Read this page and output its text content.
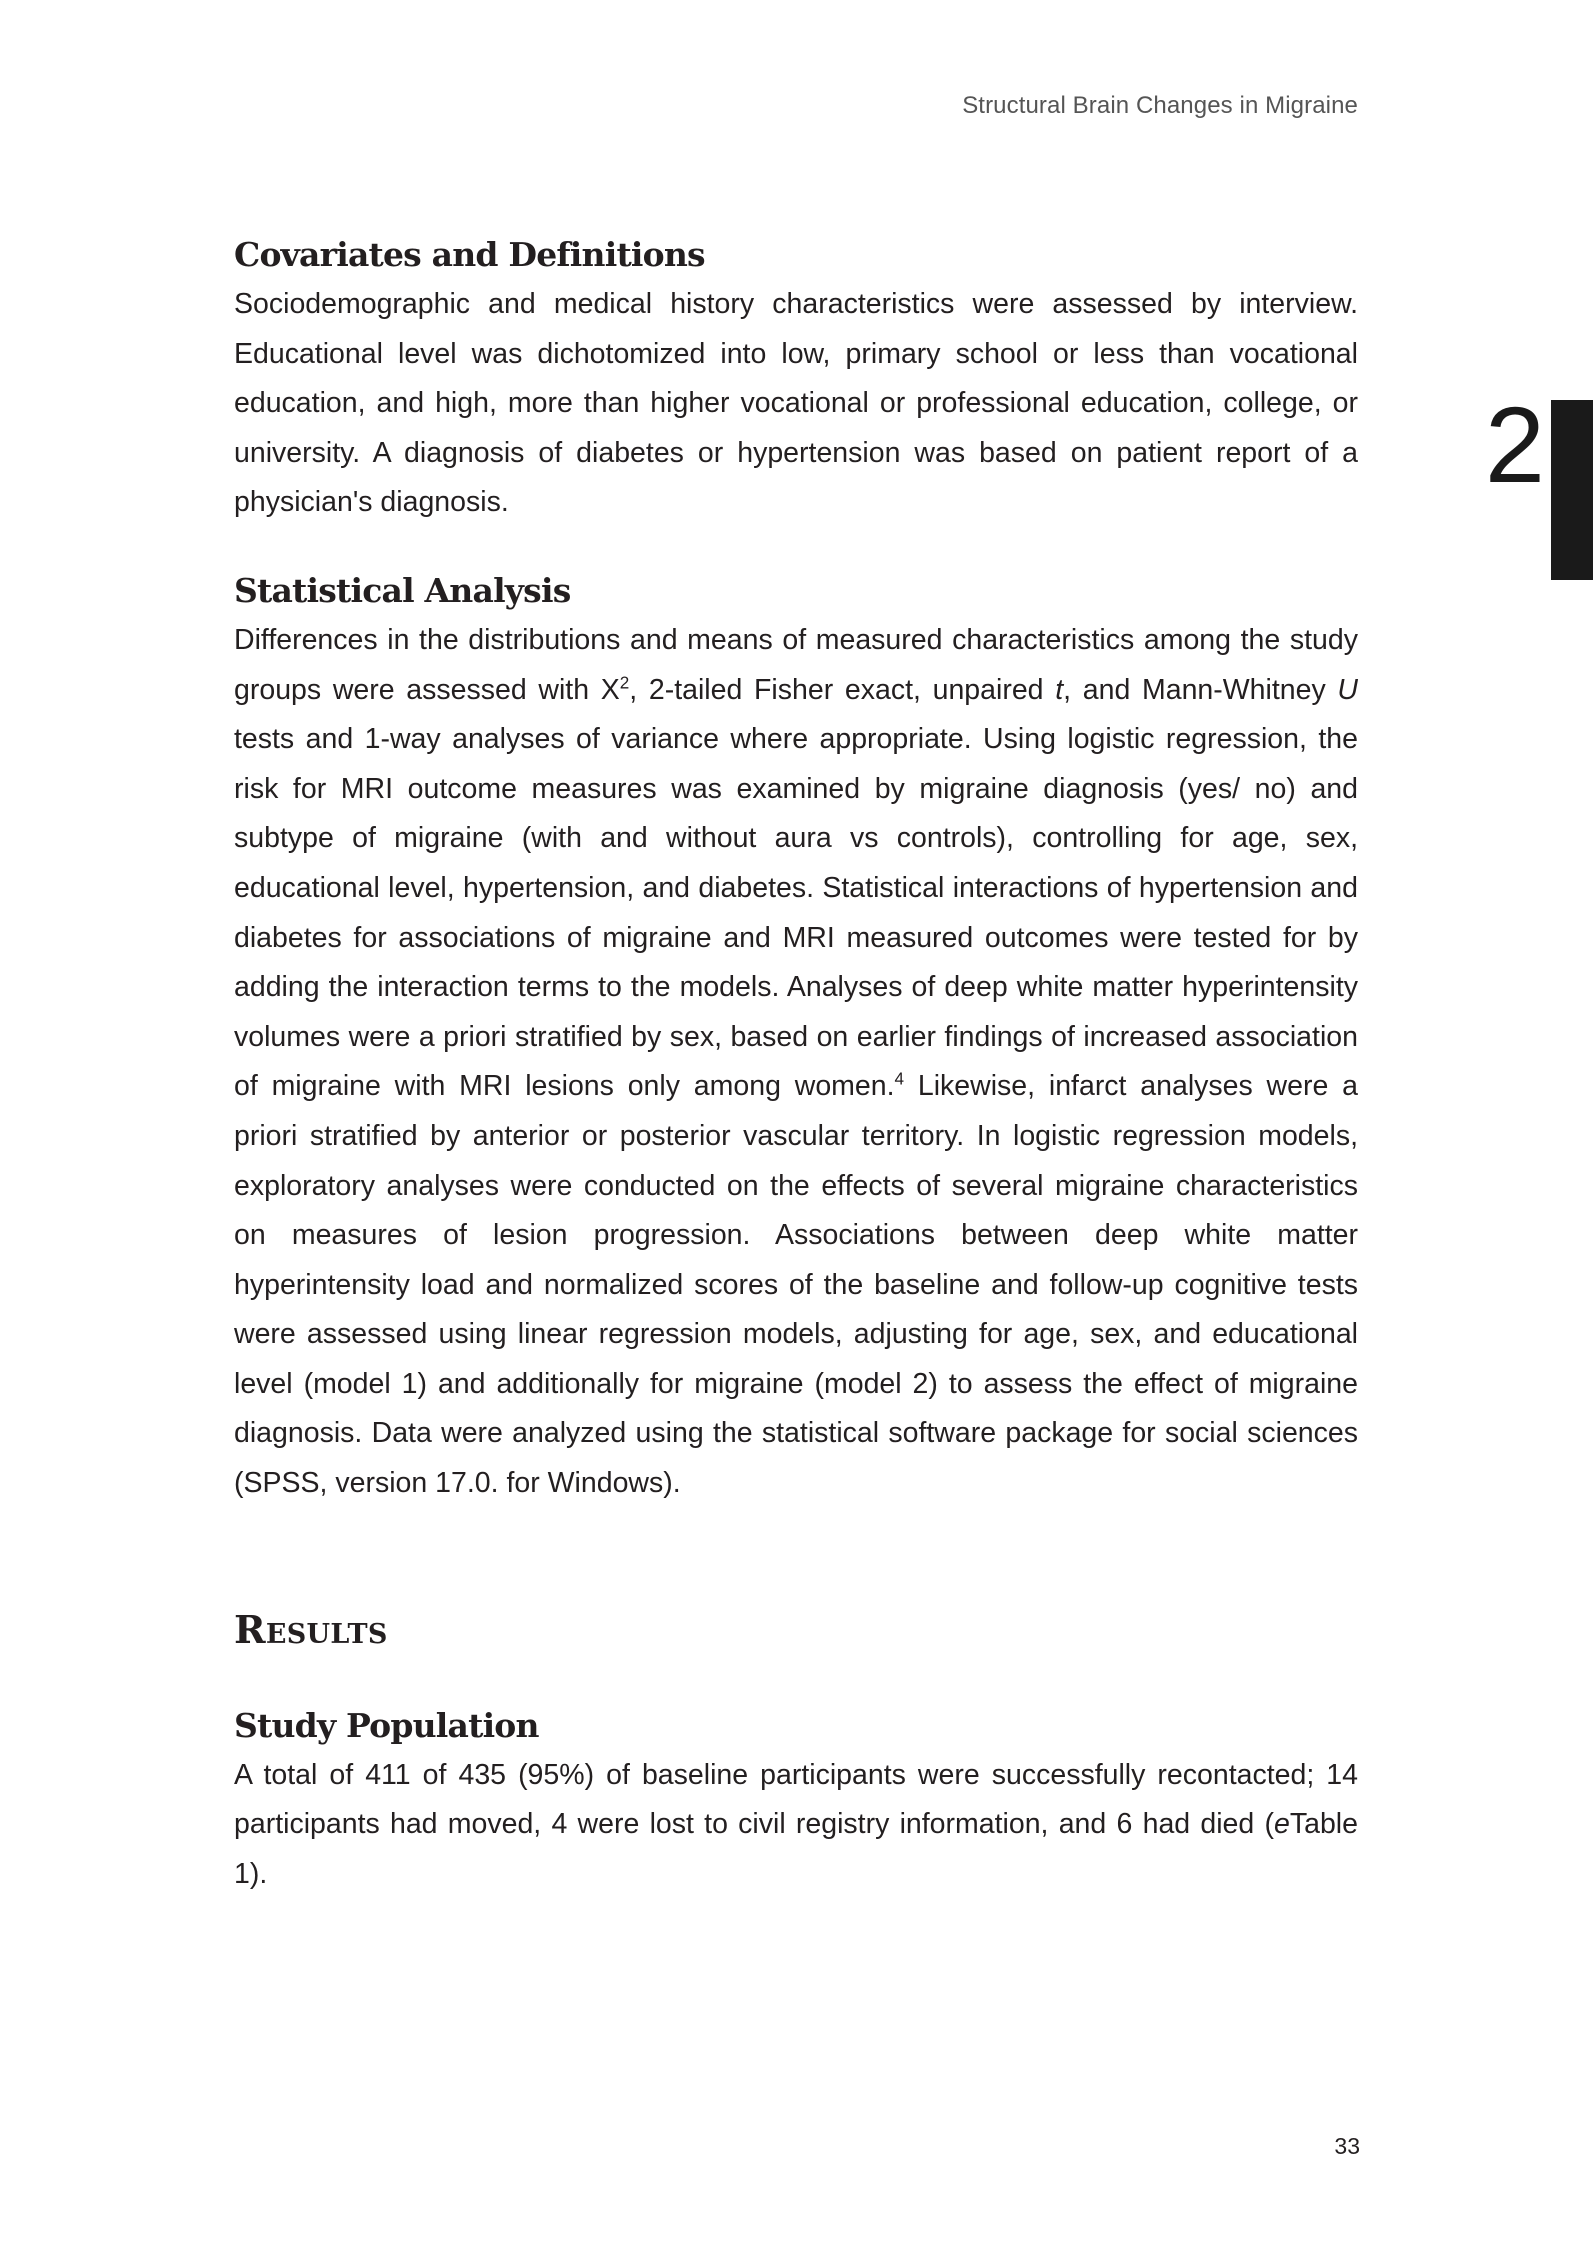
Structural Brain Changes in Migraine
2
Covariates and Definitions

Sociodemographic and medical history characteristics were assessed by interview. Educational level was dichotomized into low, primary school or less than vocational education, and high, more than higher vocational or professional education, college, or university. A diagnosis of diabetes or hypertension was based on patient report of a physician's diagnosis.

Statistical Analysis

Differences in the distributions and means of measured characteristics among the study groups were assessed with $X^2$, 2-tailed Fisher exact, unpaired t, and Mann-Whitney U tests and 1-way analyses of variance where appropriate. Using logistic regression, the risk for MRI outcome measures was examined by migraine diagnosis (yes/ no) and subtype of migraine (with and without aura vs controls), controlling for age, sex, educational level, hypertension, and diabetes. Statistical interactions of hypertension and diabetes for associations of migraine and MRI measured outcomes were tested for by adding the interaction terms to the models. Analyses of deep white matter hyperintensity volumes were a priori stratified by sex, based on earlier findings of increased association of migraine with MRI lesions only among women.$^4$ Likewise, infarct analyses were a priori stratified by anterior or posterior vascular territory. In logistic regression models, exploratory analyses were conducted on the effects of several migraine characteristics on measures of lesion progression. Associations between deep white matter hyperintensity load and normalized scores of the baseline and follow-up cognitive tests were assessed using linear regression models, adjusting for age, sex, and educational level (model 1) and additionally for migraine (model 2) to assess the effect of migraine diagnosis. Data were analyzed using the statistical software package for social sciences (SPSS, version 17.0. for Windows).

Results
Study Population

A total of 411 of 435 (95%) of baseline participants were successfully recontacted; 14 participants had moved, 4 were lost to civil registry information, and 6 had died (eTable 1).

33
